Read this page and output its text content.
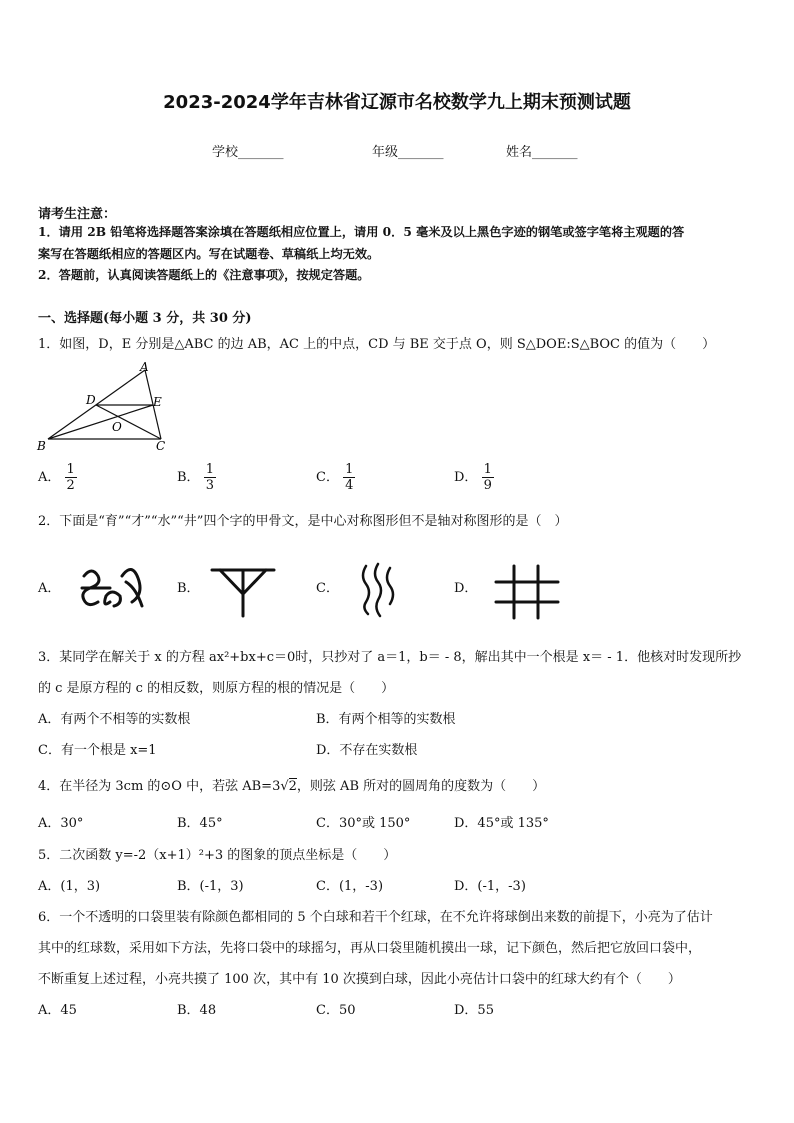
2023-2024学年吉林省辽源市名校数学九上期末预测试题
学校_______	年级_______	姓名_______
请考生注意：
1．请用 2B 铅笔将选择题答案涂填在答题纸相应位置上，请用 0．5 毫米及以上黑色字迹的钢笔或签字笔将主观题的答
案写在答题纸相应的答题区内。写在试题卷、草稿纸上均无效。
2．答题前，认真阅读答题纸上的《注意事项》，按规定答题。
一、选择题(每小题 3 分，共 30 分)
1．如图，D，E 分别是△ABC 的边 AB，AC 上的中点，CD 与 BE 交于点 O，则 S△DOE:S△BOC 的值为（　　）
A
D	E
O
B	C
A． $\frac{1}{2}$	B． $\frac{1}{3}$	C． $\frac{1}{4}$	D． $\frac{1}{9}$
2．下面是“育”“才”“水”“井”四个字的甲骨文，是中心对称图形但不是轴对称图形的是（　）
A．	B．	C．	D．
3．某同学在解关于 x 的方程 ax²+bx+c＝0时，只抄对了 a＝1，b＝ - 8，解出其中一个根是 x＝ - 1．他核对时发现所抄
的 c 是原方程的 c 的相反数，则原方程的根的情况是（　　）
A．有两个不相等的实数根	B．有两个相等的实数根
C．有一个根是 x=1	D．不存在实数根
4．在半径为 3cm 的⊙O 中，若弦 AB=3√2，则弦 AB 所对的圆周角的度数为（　　）
A．30°	B．45°	C．30°或 150°	D．45°或 135°
5．二次函数 y=-2（x+1）²+3 的图象的顶点坐标是（　　）
A．(1，3)	B．(-1，3)	C．(1，-3)	D．(-1，-3)
6．一个不透明的口袋里装有除颜色都相同的 5 个白球和若干个红球，在不允许将球倒出来数的前提下，小亮为了估计
其中的红球数，采用如下方法，先将口袋中的球摇匀，再从口袋里随机摸出一球，记下颜色，然后把它放回口袋中，
不断重复上述过程，小亮共摸了 100 次，其中有 10 次摸到白球，因此小亮估计口袋中的红球大约有个（　　）
A．45	B．48	C．50	D．55
